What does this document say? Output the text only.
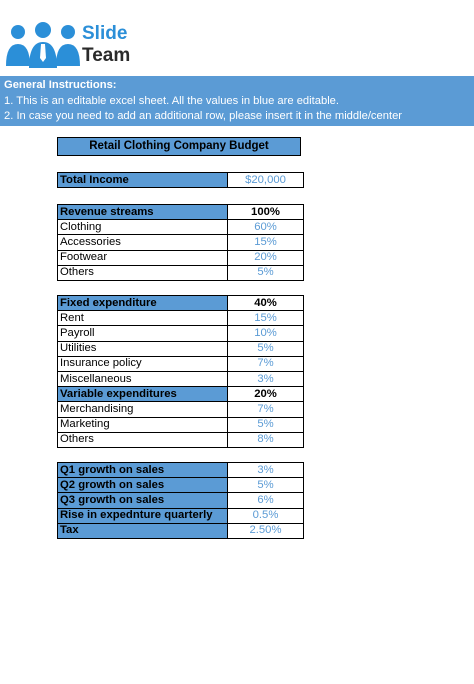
Slide
Team
General Instructions:
1. This is an editable excel sheet. All the values in blue are editable.
2. In case you need to add an additional row, please insert it in the middle/center
Retail Clothing Company Budget
Total Income	$20,000
Revenue streams	100%
Clothing	60%
Accessories	15%
Footwear	20%
Others	5%
Fixed expenditure	40%
Rent	15%
Payroll	10%
Utilities	5%
Insurance policy	7%
Miscellaneous	3%
Variable expenditures	20%
Merchandising	7%
Marketing	5%
Others	8%
Q1 growth on sales	3%
Q2 growth on sales	5%
Q3 growth on sales	6%
Rise in expednture quarterly	0.5%
Tax	2.50%
